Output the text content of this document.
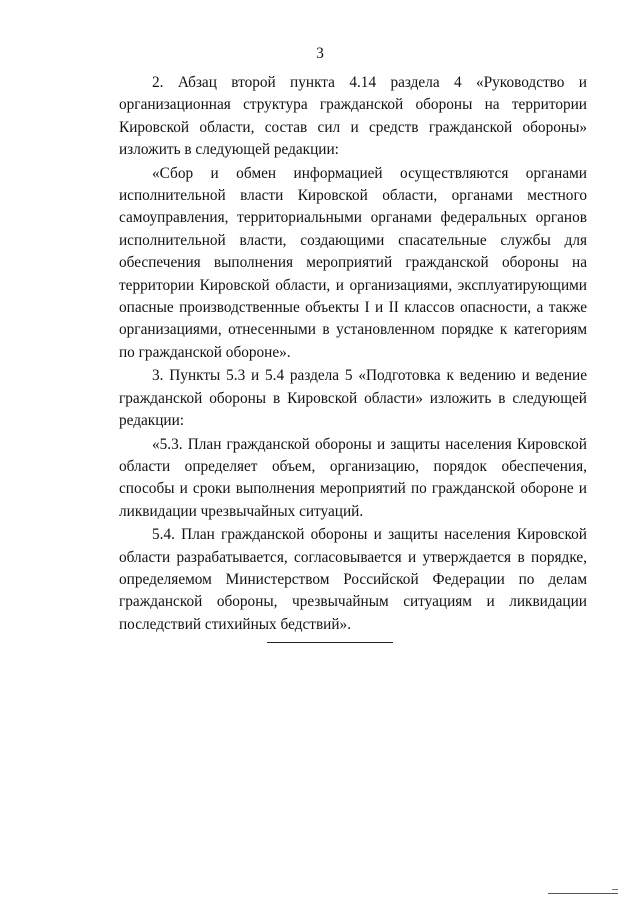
3

2. Абзац второй пункта 4.14 раздела 4 «Руководство и организационная структура гражданской обороны на территории Кировской области, состав сил и средств гражданской обороны» изложить в следующей редакции:

«Сбор и обмен информацией осуществляются органами исполнительной власти Кировской области, органами местного самоуправления, территориальными органами федеральных органов исполнительной власти, создающими спасательные службы для обеспечения выполнения мероприятий гражданской обороны на территории Кировской области, и организациями, эксплуатирующими опасные производственные объекты I и II классов опасности, а также организациями, отнесенными в установленном порядке к категориям по гражданской обороне».

3. Пункты 5.3 и 5.4 раздела 5 «Подготовка к ведению и ведение гражданской обороны в Кировской области» изложить в следующей редакции:

«5.3. План гражданской обороны и защиты населения Кировской области определяет объем, организацию, порядок обеспечения, способы и сроки выполнения мероприятий по гражданской обороне и ликвидации чрезвычайных ситуаций.

5.4. План гражданской обороны и защиты населения Кировской области разрабатывается, согласовывается и утверждается в порядке, определяемом Министерством Российской Федерации по делам гражданской обороны, чрезвычайным ситуациям и ликвидации последствий стихийных бедствий».
